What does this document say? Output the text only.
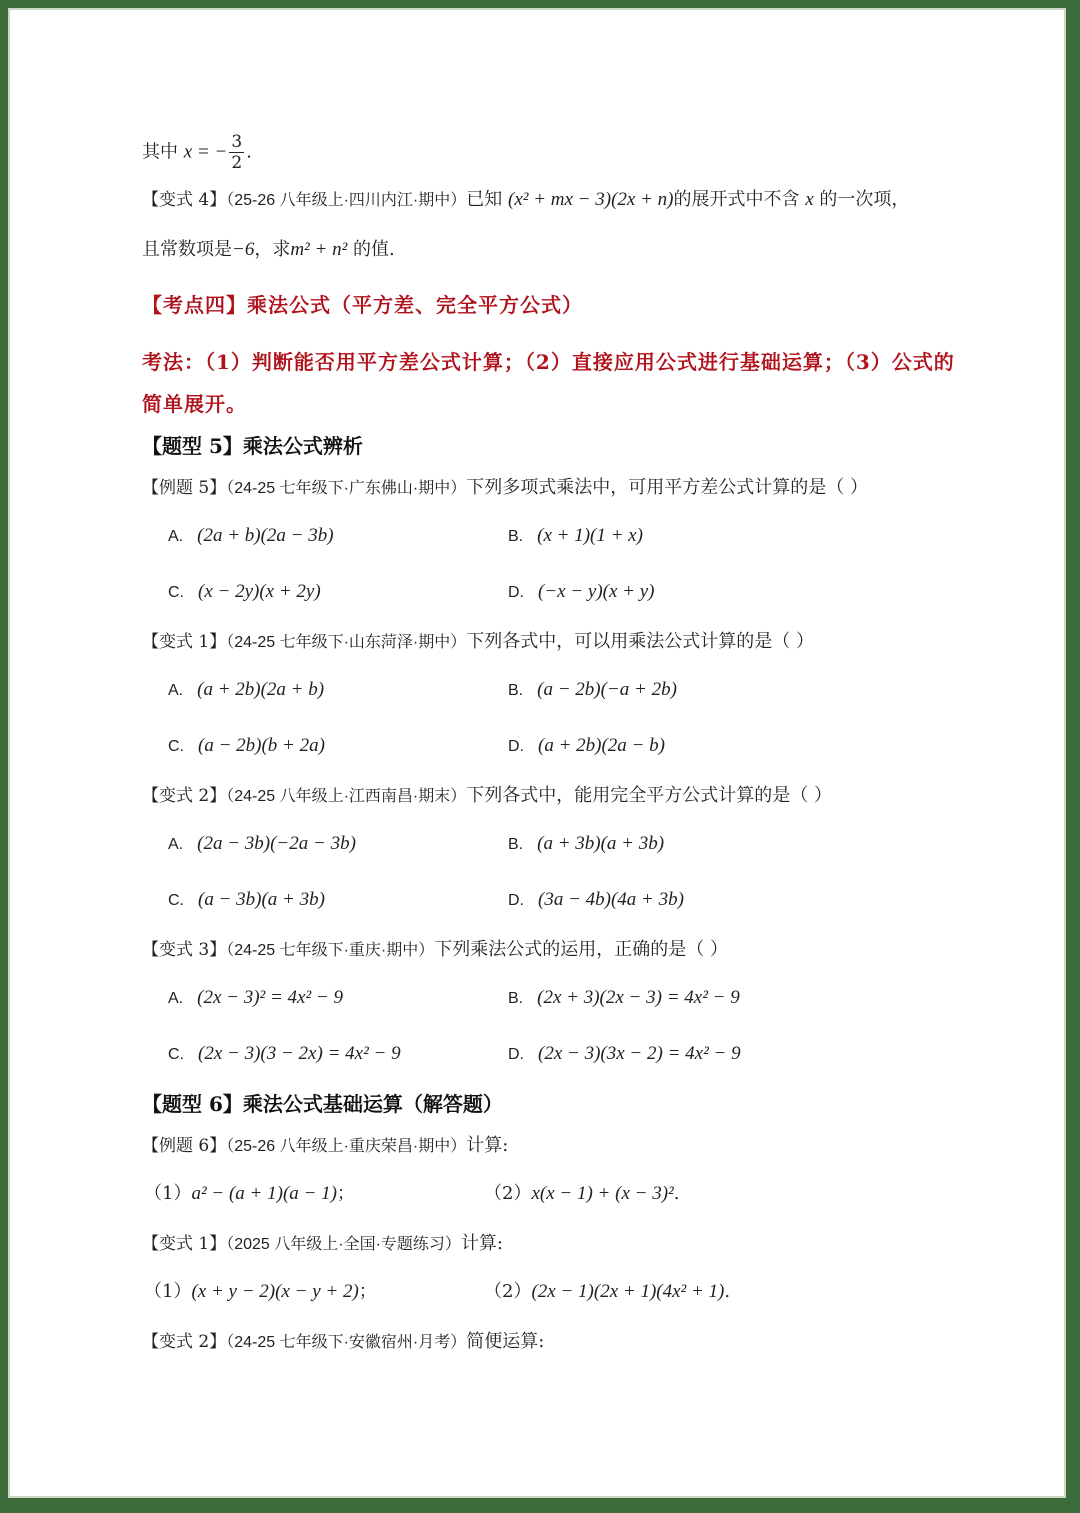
其中 x = − $\frac{3}{2}$ .
【变式 4】（25-26 八年级上·四川内江·期中）已知 (x² + mx − 3)(2x + n)的展开式中不含 x 的一次项，
且常数项是−6，求m² + n² 的值.
【考点四】乘法公式（平方差、完全平方公式）
考法：（1）判断能否用平方差公式计算；（2）直接应用公式进行基础运算；（3）公式的
简单展开。
【题型 5】乘法公式辨析
【例题 5】（24-25 七年级下·广东佛山·期中）下列多项式乘法中，可用平方差公式计算的是（ ）
A. (2a + b)(2a − 3b)	B. (x + 1)(1 + x)
C. (x − 2y)(x + 2y)	D. (−x − y)(x + y)
【变式 1】（24-25 七年级下·山东菏泽·期中）下列各式中，可以用乘法公式计算的是（ ）
A. (a + 2b)(2a + b)	B. (a − 2b)(−a + 2b)
C. (a − 2b)(b + 2a)	D. (a + 2b)(2a − b)
【变式 2】（24-25 八年级上·江西南昌·期末）下列各式中，能用完全平方公式计算的是（ ）
A. (2a − 3b)(−2a − 3b)	B. (a + 3b)(a + 3b)
C. (a − 3b)(a + 3b)	D. (3a − 4b)(4a + 3b)
【变式 3】（24-25 七年级下·重庆·期中）下列乘法公式的运用，正确的是（ ）
A. (2x − 3)² = 4x² − 9	B. (2x + 3)(2x − 3) = 4x² − 9
C. (2x − 3)(3 − 2x) = 4x² − 9	D. (2x − 3)(3x − 2) = 4x² − 9
【题型 6】乘法公式基础运算（解答题）
【例题 6】（25-26 八年级上·重庆荣昌·期中）计算:
（1）a² − (a + 1)(a − 1)；	（2）x(x − 1) + (x − 3)².
【变式 1】（2025 八年级上·全国·专题练习）计算:
（1）(x + y − 2)(x − y + 2)；	（2）(2x − 1)(2x + 1)(4x² + 1).
【变式 2】（24-25 七年级下·安徽宿州·月考）简便运算:
